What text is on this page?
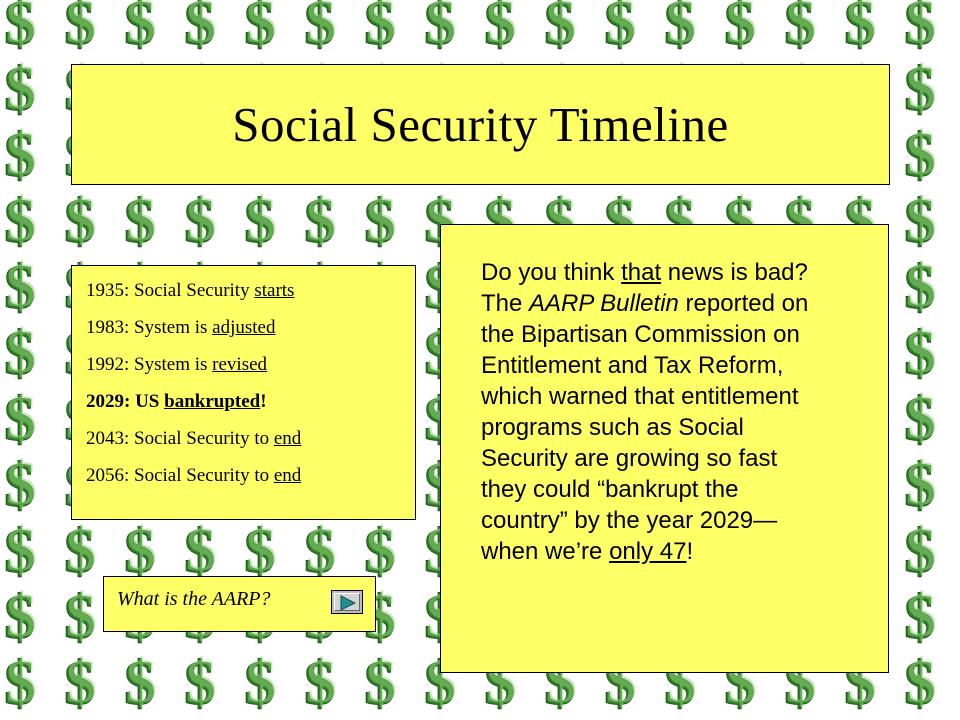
Social Security Timeline
1935: Social Security starts
1983: System is adjusted
1992: System is revised
2029: US bankrupted!
2043: Social Security to end
2056: Social Security to end
What is the AARP?

Do you think that news is bad?
The AARP Bulletin reported on
the Bipartisan Commission on
Entitlement and Tax Reform,
which warned that entitlement
programs such as Social
Security are growing so fast
they could “bankrupt the
country” by the year 2029—
when we’re only 47!
